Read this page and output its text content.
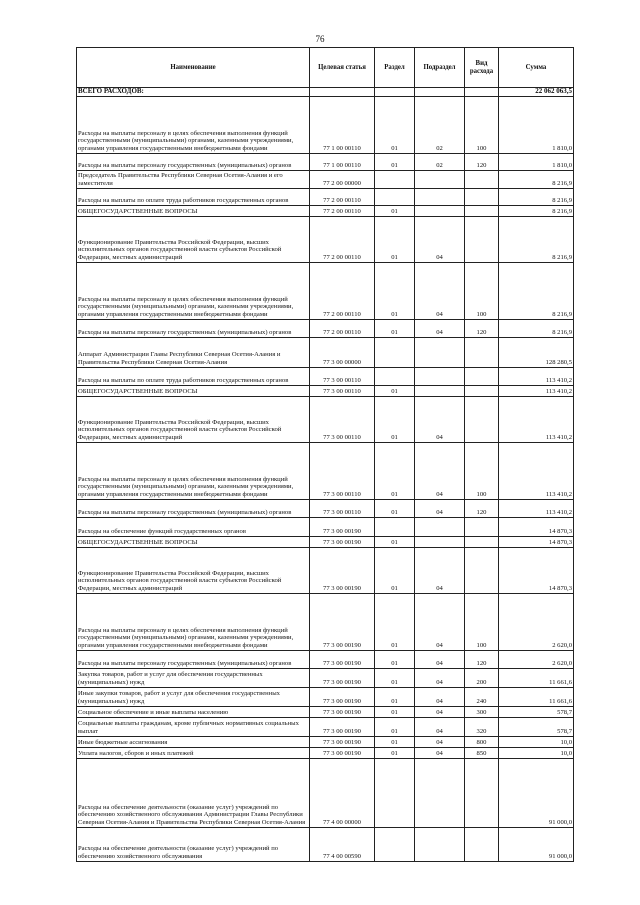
76
Наименование	Целевая статья	Раздел	Подраздел	Вид расхода	Сумма
ВСЕГО РАСХОДОВ:					22 062 063,5
Расходы на выплаты персоналу в целях обеспечения выполнения функций государственными (муниципальными) органами, казенными учреждениями, органами управления государственными внебюджетными фондами	77 1 00 00110	01	02	100	1 810,0
Расходы на выплаты персоналу государственных (муниципальных) органов	77 1 00 00110	01	02	120	1 810,0
Председатель Правительства Республики Северная Осетия-Алания и его заместители	77 2 00 00000				8 216,9
Расходы на выплаты по оплате труда работников государственных органов	77 2 00 00110				8 216,9
ОБЩЕГОСУДАРСТВЕННЫЕ ВОПРОСЫ	77 2 00 00110	01			8 216,9
Функционирование Правительства Российской Федерации, высших исполнительных органов государственной власти субъектов Российской Федерации, местных администраций	77 2 00 00110	01	04		8 216,9
Расходы на выплаты персоналу в целях обеспечения выполнения функций государственными (муниципальными) органами, казенными учреждениями, органами управления государственными внебюджетными фондами	77 2 00 00110	01	04	100	8 216,9
Расходы на выплаты персоналу государственных (муниципальных) органов	77 2 00 00110	01	04	120	8 216,9
Аппарат Администрации Главы Республики Северная Осетия-Алания и Правительства Республики Северная Осетия-Алания	77 3 00 00000				128 280,5
Расходы на выплаты по оплате труда работников государственных органов	77 3 00 00110				113 410,2
ОБЩЕГОСУДАРСТВЕННЫЕ ВОПРОСЫ	77 3 00 00110	01			113 410,2
Функционирование Правительства Российской Федерации, высших исполнительных органов государственной власти субъектов Российской Федерации, местных администраций	77 3 00 00110	01	04		113 410,2
Расходы на выплаты персоналу в целях обеспечения выполнения функций государственными (муниципальными) органами, казенными учреждениями, органами управления государственными внебюджетными фондами	77 3 00 00110	01	04	100	113 410,2
Расходы на выплаты персоналу государственных (муниципальных) органов	77 3 00 00110	01	04	120	113 410,2
Расходы на обеспечение функций государственных органов	77 3 00 00190				14 870,3
ОБЩЕГОСУДАРСТВЕННЫЕ ВОПРОСЫ	77 3 00 00190	01			14 870,3
Функционирование Правительства Российской Федерации, высших исполнительных органов государственной власти субъектов Российской Федерации, местных администраций	77 3 00 00190	01	04		14 870,3
Расходы на выплаты персоналу в целях обеспечения выполнения функций государственными (муниципальными) органами, казенными учреждениями, органами управления государственными внебюджетными фондами	77 3 00 00190	01	04	100	2 620,0
Расходы на выплаты персоналу государственных (муниципальных) органов	77 3 00 00190	01	04	120	2 620,0
Закупка товаров, работ и услуг для обеспечения государственных (муниципальных) нужд	77 3 00 00190	01	04	200	11 661,6
Иные закупки товаров, работ и услуг для обеспечения государственных (муниципальных) нужд	77 3 00 00190	01	04	240	11 661,6
Социальное обеспечение и иные выплаты населению	77 3 00 00190	01	04	300	578,7
Социальные выплаты гражданам, кроме публичных нормативных социальных выплат	77 3 00 00190	01	04	320	578,7
Иные бюджетные ассигнования	77 3 00 00190	01	04	800	10,0
Уплата налогов, сборов и иных платежей	77 3 00 00190	01	04	850	10,0
Расходы на обеспечение деятельности (оказание услуг) учреждений по обеспечению хозяйственного обслуживания Администрации Главы Республики Северная Осетия-Алания и Правительства Республики Северная Осетия-Алания	77 4 00 00000				91 000,0
Расходы на обеспечение деятельности (оказание услуг) учреждений по обеспечению хозяйственного обслуживания	77 4 00 00590				91 000,0
